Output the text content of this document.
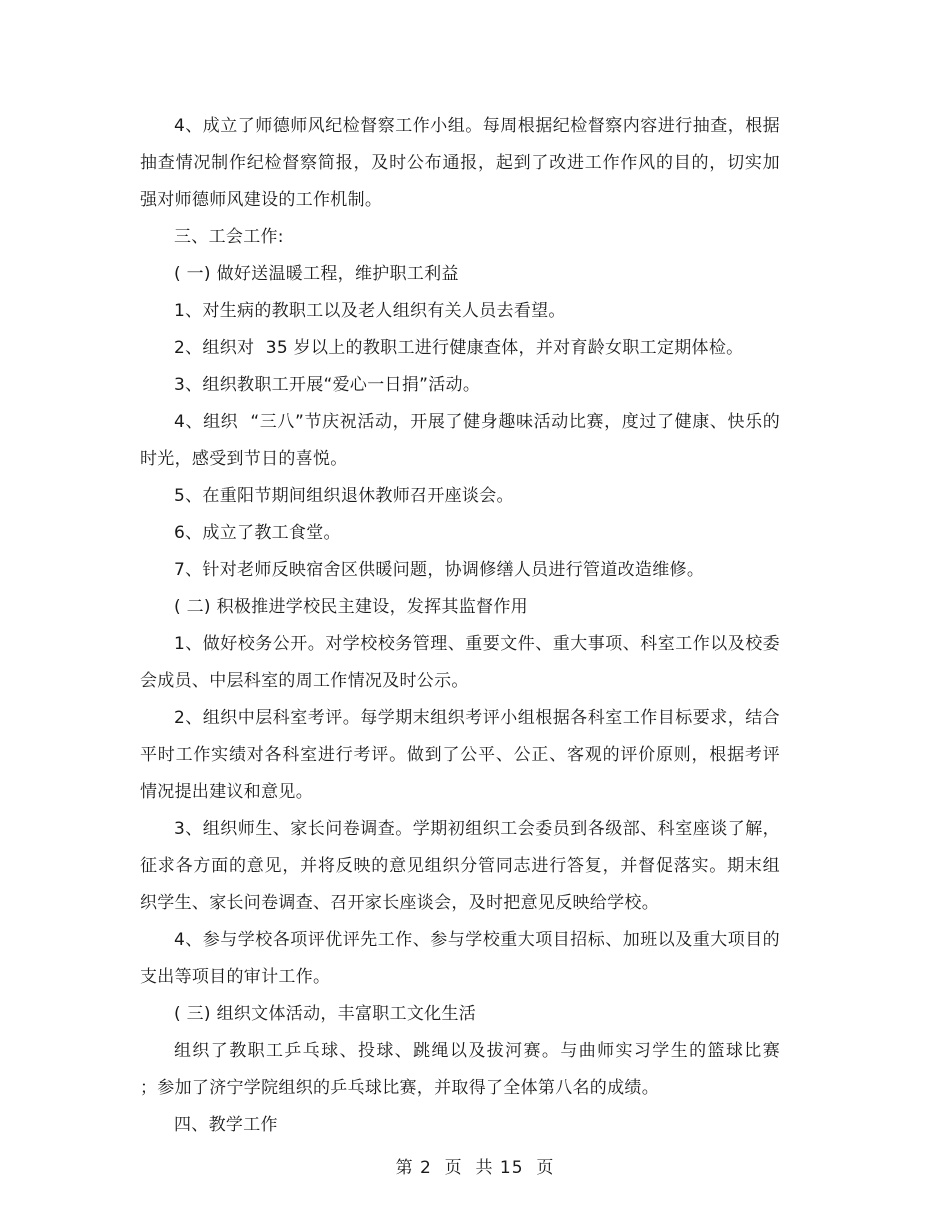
4、成立了师德师风纪检督察工作小组。每周根据纪检督察内容进行抽查，根据抽查情况制作纪检督察简报，及时公布通报，起到了改进工作作风的目的，切实加强对师德师风建设的工作机制。

三、工会工作:

( 一) 做好送温暖工程，维护职工利益

1、对生病的教职工以及老人组织有关人员去看望。

2、组织对  35 岁以上的教职工进行健康查体，并对育龄女职工定期体检。

3、组织教职工开展“爱心一日捐”活动。

4、组织  “三八”节庆祝活动，开展了健身趣味活动比赛，度过了健康、快乐的时光，感受到节日的喜悦。

5、在重阳节期间组织退休教师召开座谈会。

6、成立了教工食堂。

7、针对老师反映宿舍区供暖问题，协调修缮人员进行管道改造维修。

( 二) 积极推进学校民主建设，发挥其监督作用

1、做好校务公开。对学校校务管理、重要文件、重大事项、科室工作以及校委会成员、中层科室的周工作情况及时公示。

2、组织中层科室考评。每学期末组织考评小组根据各科室工作目标要求，结合平时工作实绩对各科室进行考评。做到了公平、公正、客观的评价原则，根据考评情况提出建议和意见。

3、组织师生、家长问卷调查。学期初组织工会委员到各级部、科室座谈了解，征求各方面的意见，并将反映的意见组织分管同志进行答复，并督促落实。期末组织学生、家长问卷调查、召开家长座谈会，及时把意见反映给学校。

4、参与学校各项评优评先工作、参与学校重大项目招标、加班以及重大项目的支出等项目的审计工作。

( 三) 组织文体活动，丰富职工文化生活

组织了教职工乒乓球、投球、跳绳以及拔河赛。与曲师实习学生的篮球比赛        ；参加了济宁学院组织的乒乓球比赛，并取得了全体第八名的成绩。

四、教学工作

第 2  页  共 15  页
